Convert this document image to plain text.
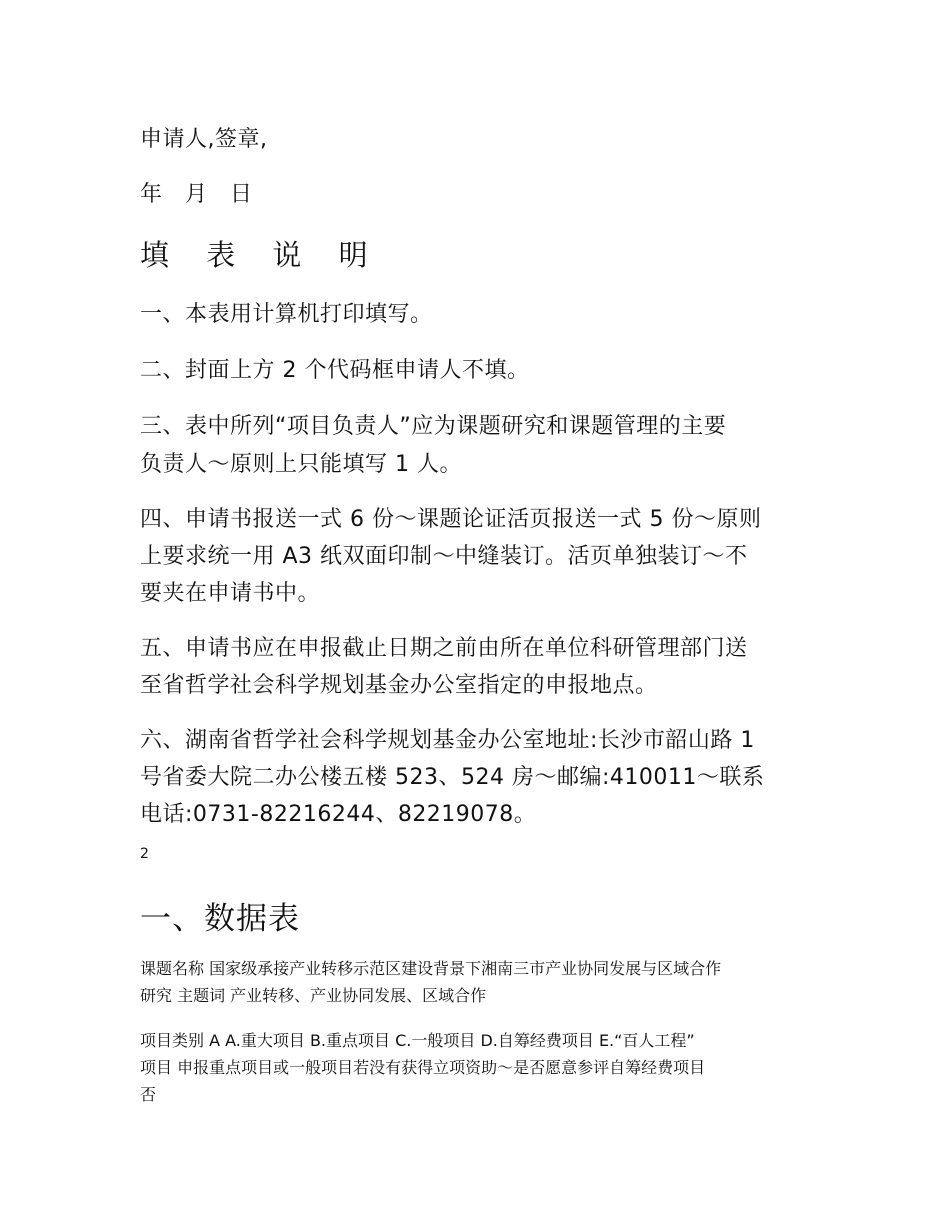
申请人,签章,

年 月 日

填 表 说 明

一、本表用计算机打印填写。

二、封面上方 2 个代码框申请人不填。

三、表中所列“项目负责人”应为课题研究和课题管理的主要

负责人～原则上只能填写 1 人。

四、申请书报送一式 6 份～课题论证活页报送一式 5 份～原则

上要求统一用 A3 纸双面印制～中缝装订。活页单独装订～不

要夹在申请书中。

五、申请书应在申报截止日期之前由所在单位科研管理部门送

至省哲学社会科学规划基金办公室指定的申报地点。

六、湖南省哲学社会科学规划基金办公室地址:长沙市韶山路 1

号省委大院二办公楼五楼 523、524 房～邮编:410011～联系

电话:0731-82216244、82219078。

2

一、数据表

课题名称 国家级承接产业转移示范区建设背景下湘南三市产业协同发展与区域合作

研究 主题词 产业转移、产业协同发展、区域合作

项目类别 A A.重大项目 B.重点项目 C.一般项目 D.自筹经费项目 E.“百人工程”

项目 申报重点项目或一般项目若没有获得立项资助～是否愿意参评自筹经费项目

否
